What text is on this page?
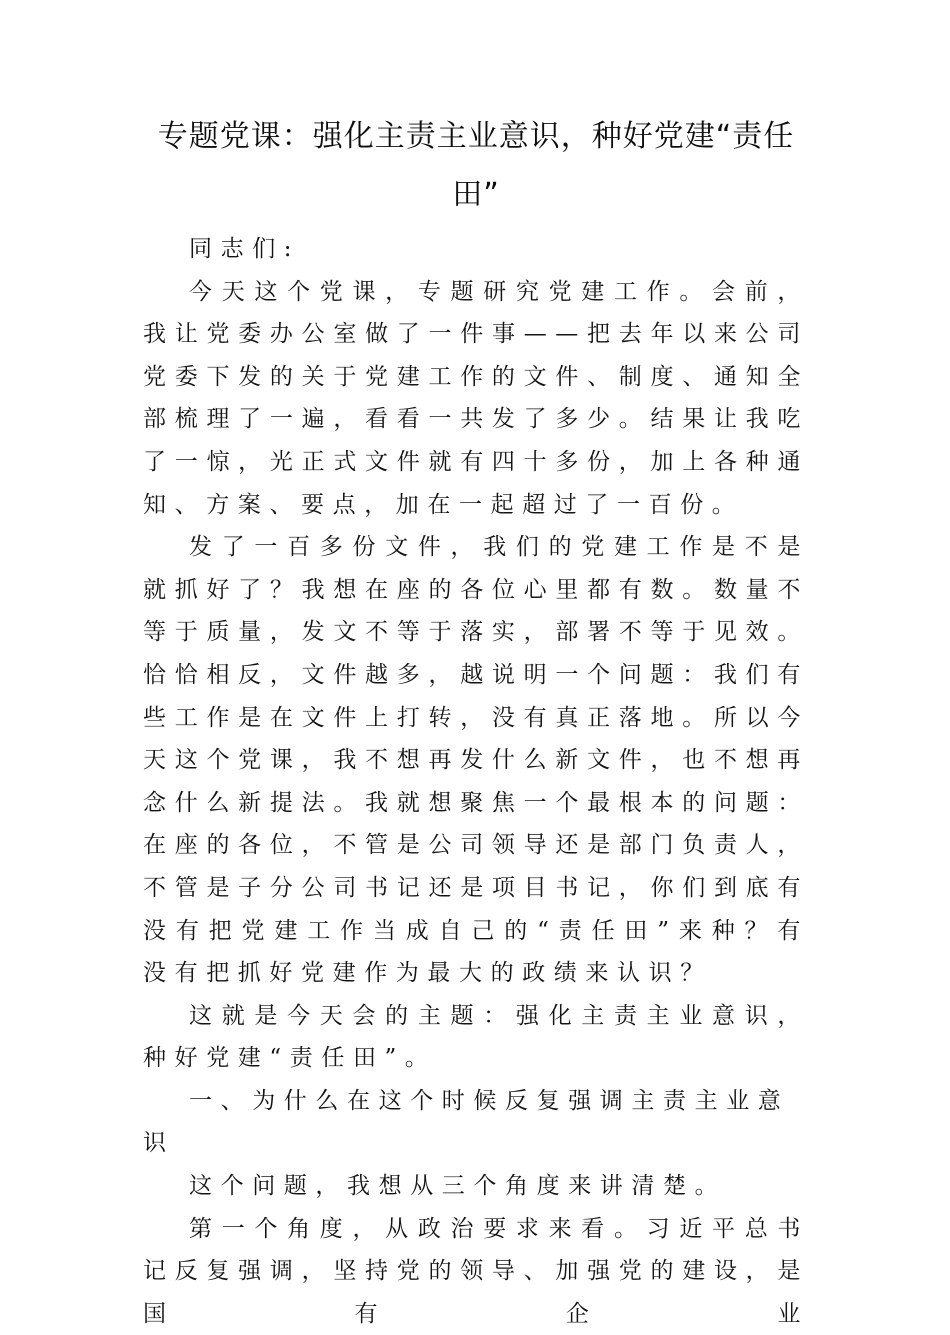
专题党课：强化主责主业意识，种好党建“责任田”

同志们:

今天这个党课，专题研究党建工作。会前，我让党委办公室做了一件事——把去年以来公司党委下发的关于党建工作的文件、制度、通知全部梳理了一遍，看看一共发了多少。结果让我吃了一惊，光正式文件就有四十多份，加上各种通知、方案、要点，加在一起超过了一百份。

发了一百多份文件，我们的党建工作是不是就抓好了？我想在座的各位心里都有数。数量不等于质量，发文不等于落实，部署不等于见效。恰恰相反，文件越多，越说明一个问题：我们有些工作是在文件上打转，没有真正落地。所以今天这个党课，我不想再发什么新文件，也不想再念什么新提法。我就想聚焦一个最根本的问题：在座的各位，不管是公司领导还是部门负责人，不管是子分公司书记还是项目书记，你们到底有没有把党建工作当成自己的“责任田”来种？有没有把抓好党建作为最大的政绩来认识？

这就是今天会的主题：强化主责主业意识，种好党建“责任田”。

一、为什么在这个时候反复强调主责主业意识

这个问题，我想从三个角度来讲清楚。

第一个角度，从政治要求来看。习近平总书记反复强调，坚持党的领导、加强党的建设，是国有企业
